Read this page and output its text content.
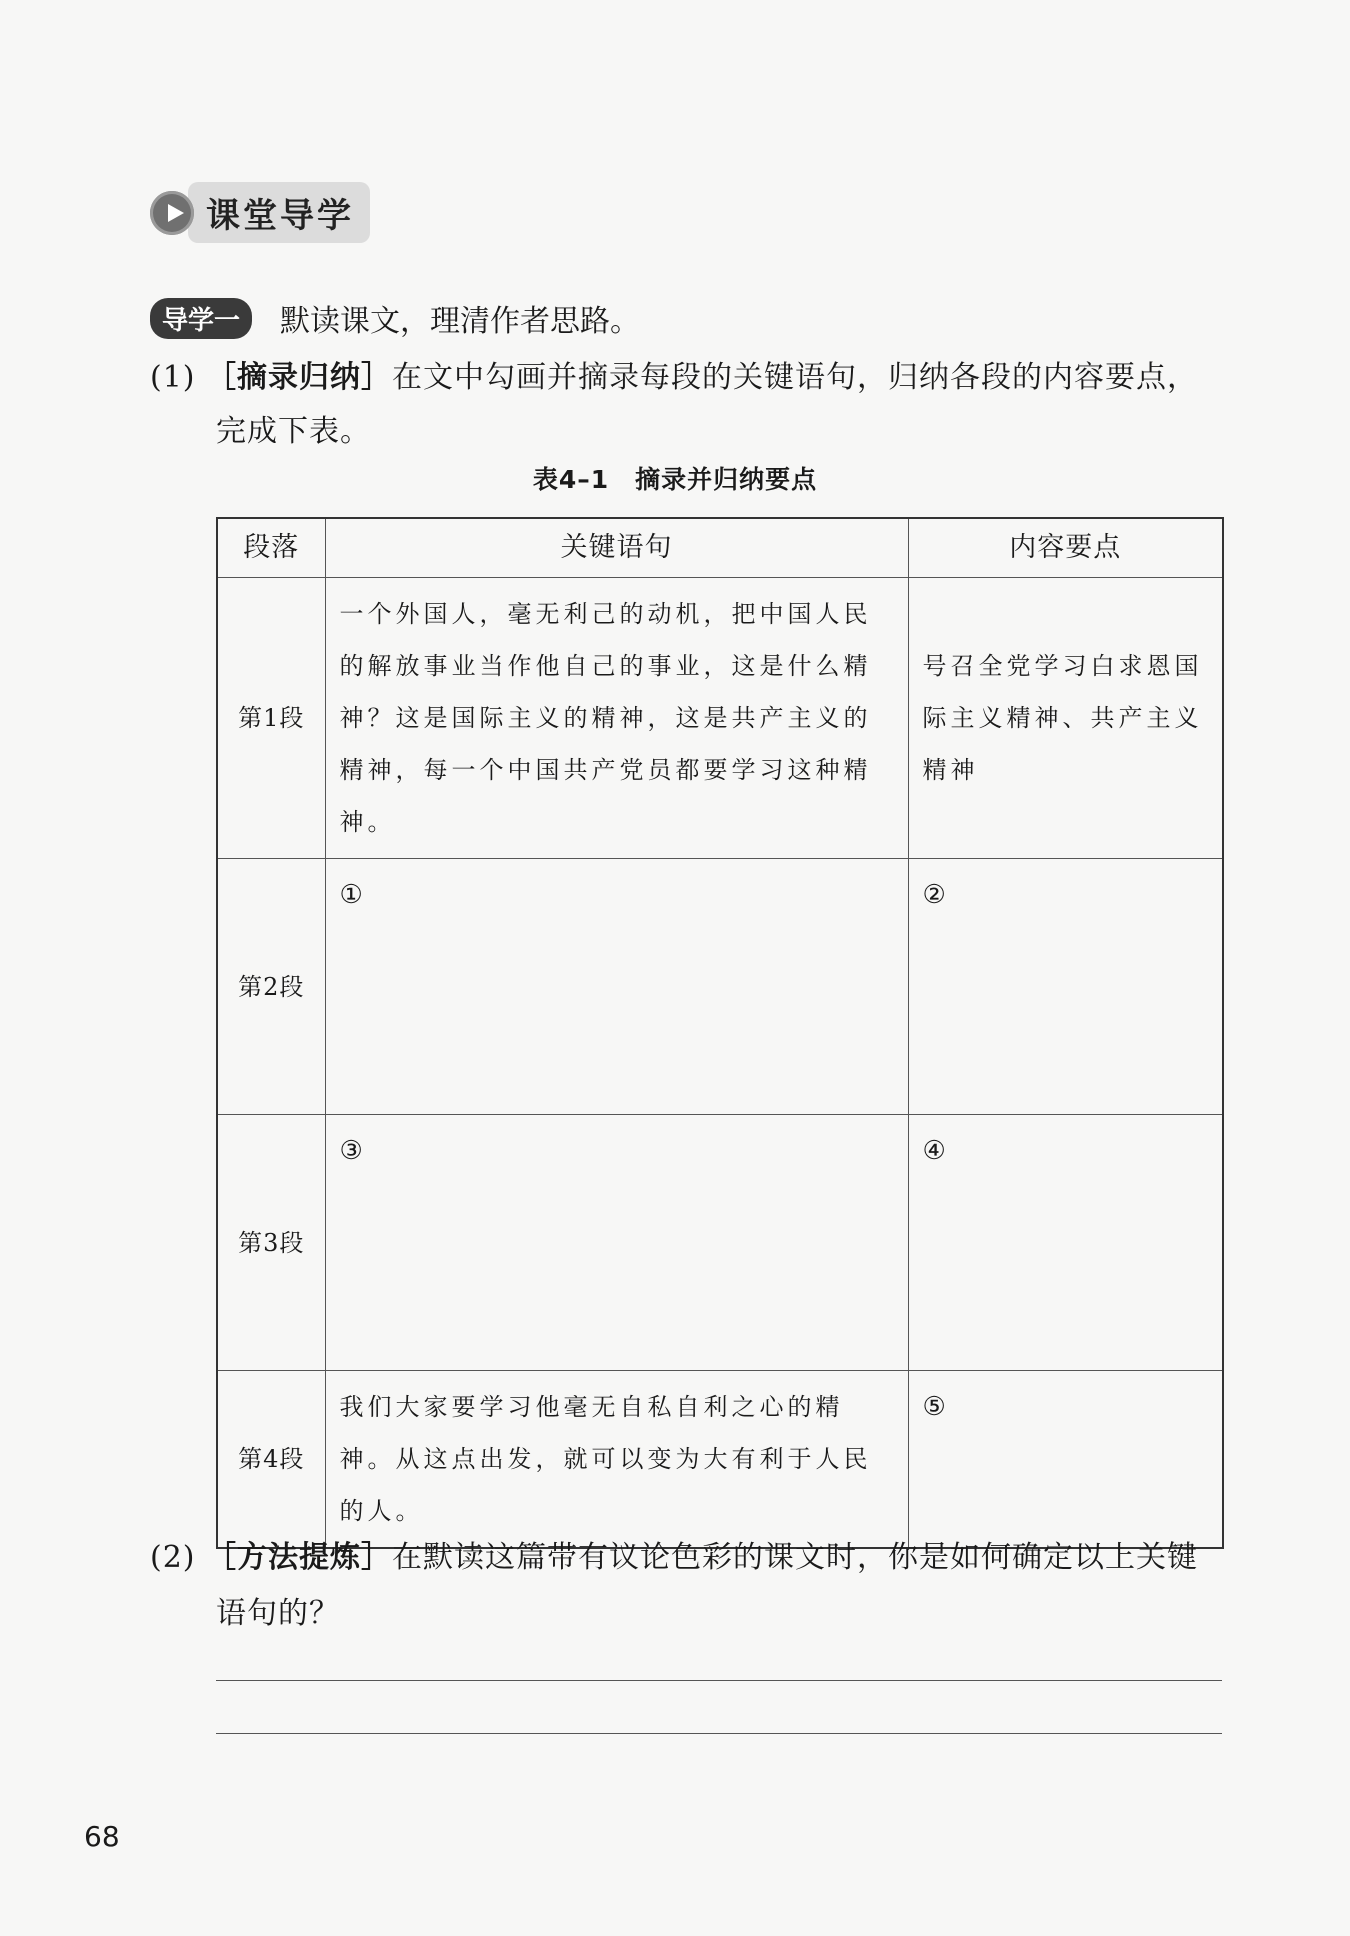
课堂导学
导学一	默读课文，理清作者思路。
(1) ［摘录归纳］在文中勾画并摘录每段的关键语句，归纳各段的内容要点，
完成下表。
表4–1　摘录并归纳要点
段落	关键语句	内容要点
第1段	一个外国人，毫无利己的动机，把中国人民的解放事业当作他自己的事业，这是什么精神？这是国际主义的精神，这是共产主义的精神，每一个中国共产党员都要学习这种精神。	号召全党学习白求恩国际主义精神、共产主义精神
第2段	①	②
第3段	③	④
第4段	我们大家要学习他毫无自私自利之心的精神。从这点出发，就可以变为大有利于人民的人。	⑤
(2) ［方法提炼］在默读这篇带有议论色彩的课文时，你是如何确定以上关键
语句的？
68
